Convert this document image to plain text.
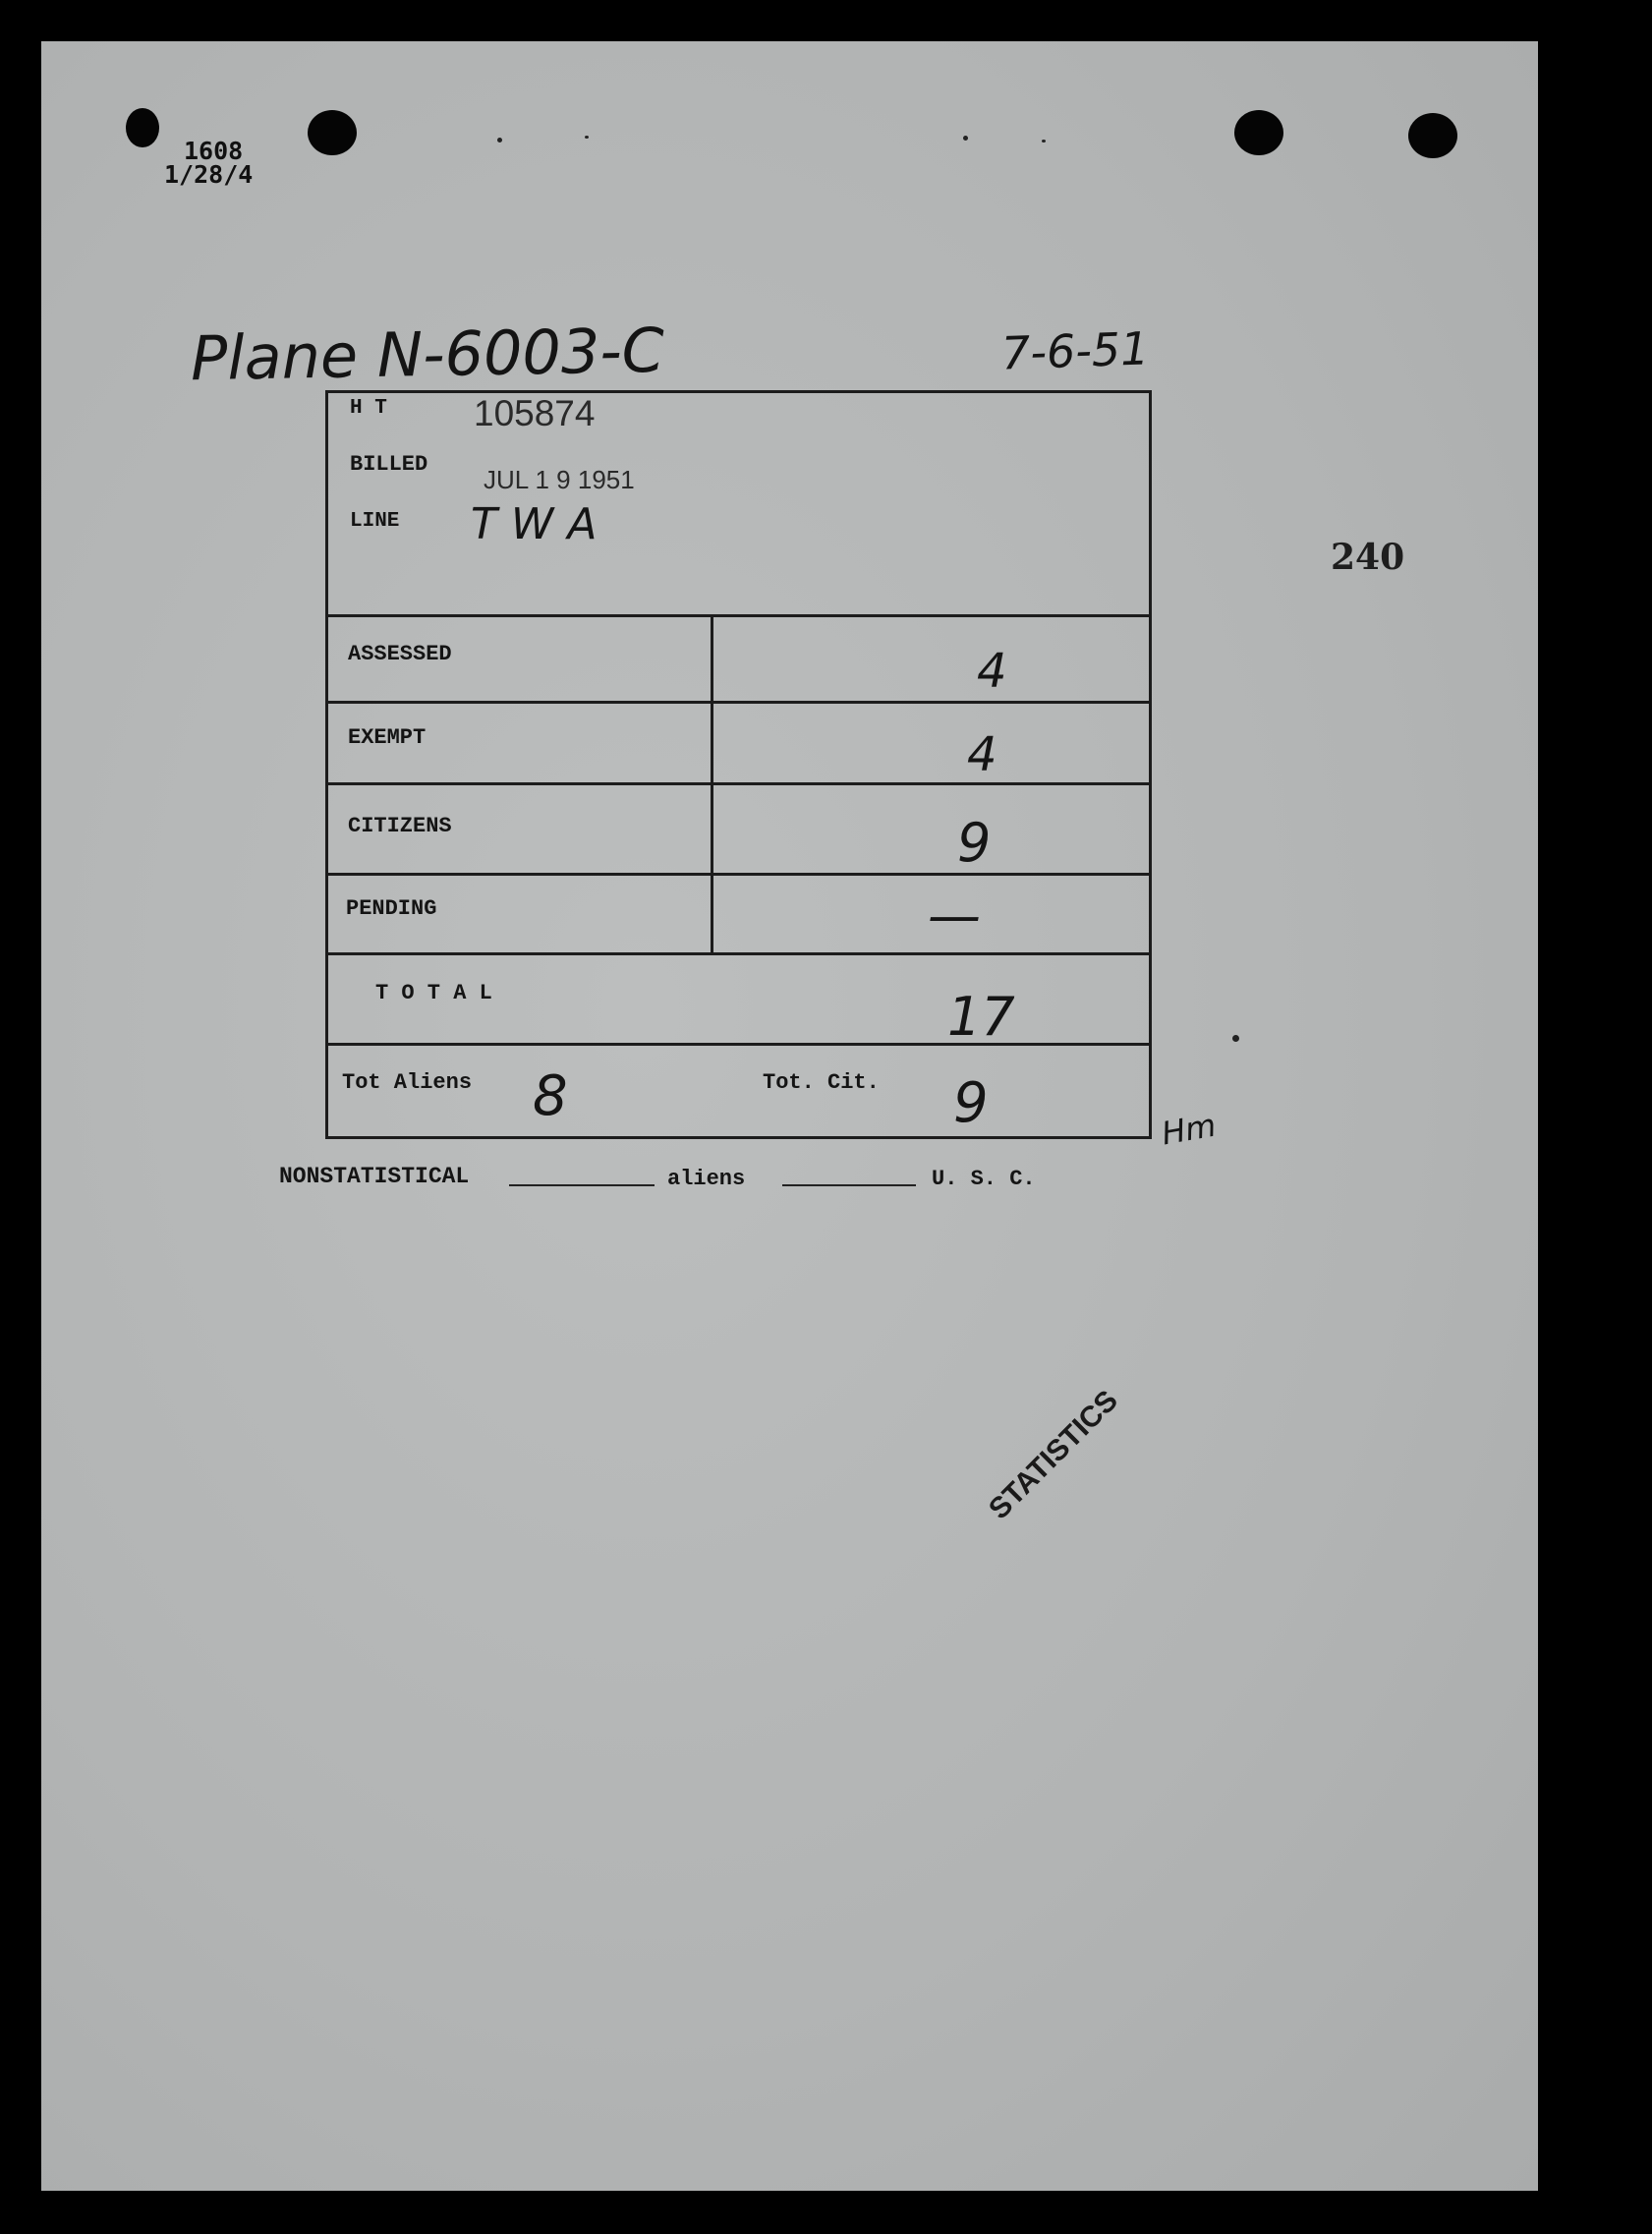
1608
1/28/4
Plane N-6003-C	7-6-51
240
H T 105874
BILLED
JUL 1 9 1951
LINE T W A
ASSESSED	4
EXEMPT	4
CITIZENS	9
PENDING	—
T O T A L	17
Tot Aliens 8	Tot. Cit. 9	Hm
NONSTATISTICAL	aliens	U. S. C.
STATISTICS
